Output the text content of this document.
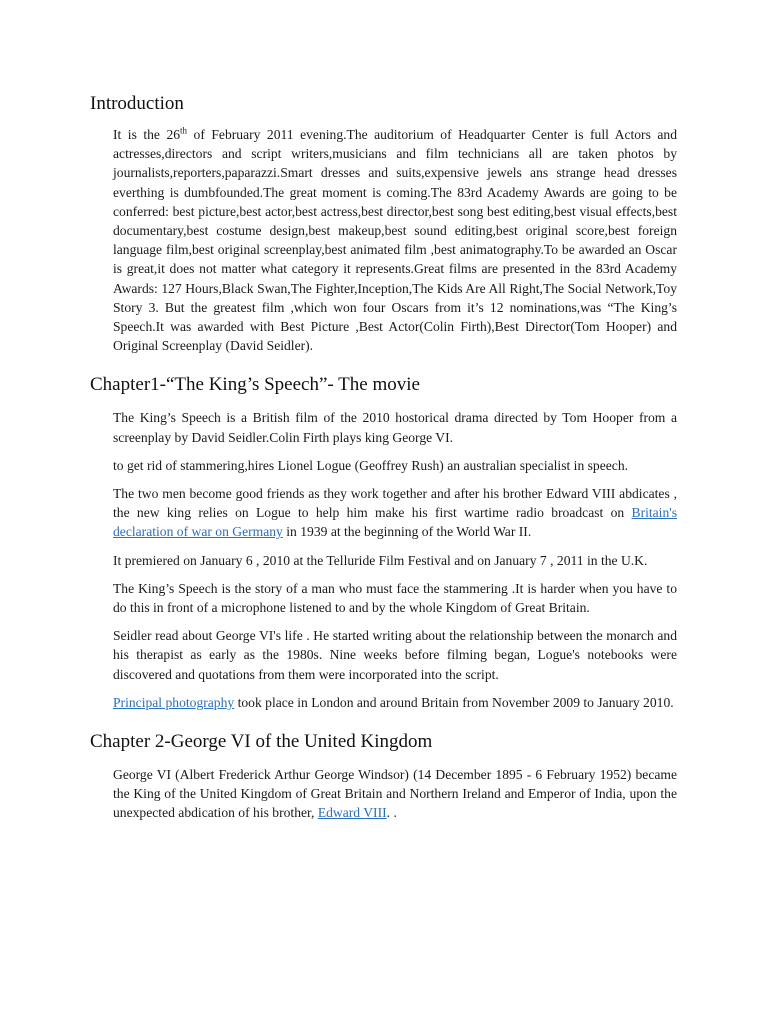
Introduction

It is the 26th of February 2011 evening.The auditorium of Headquarter Center is full Actors and actresses,directors and script writers,musicians and film technicians all are taken photos by journalists,reporters,paparazzi.Smart dresses and suits,expensive jewels ans strange head dresses everthing is dumbfounded.The great moment is coming.The 83rd Academy Awards are going to be conferred: best picture,best actor,best actress,best director,best song best editing,best visual effects,best documentary,best costume design,best makeup,best sound editing,best original score,best foreign language film,best original screenplay,best animated film ,best animatography.To be awarded an Oscar is great,it does not matter what category it represents.Great films are presented in the 83rd Academy Awards: 127 Hours,Black Swan,The Fighter,Inception,The Kids Are All Right,The Social Network,Toy Story 3. But the greatest film ,which won four Oscars from it’s 12 nominations,was “The King’s Speech.It was awarded with Best Picture ,Best Actor(Colin Firth),Best Director(Tom Hooper) and Original Screenplay (David Seidler).

Chapter1-“The King’s Speech”- The movie

The King’s Speech is a British film of the 2010 hostorical drama directed by Tom Hooper from a screenplay by David Seidler.Colin Firth plays king George VI.

to get rid of stammering,hires Lionel Logue (Geoffrey Rush) an australian specialist in speech.

The two men become good friends as they work together and after his brother Edward VIII abdicates , the new king relies on Logue to help him make his first wartime radio broadcast on Britain's declaration of war on Germany in 1939 at the beginning of the World War II.

It premiered on January 6 , 2010 at the Telluride Film Festival and on January 7 , 2011 in the U.K.

The King’s Speech is the story of a man who must face the stammering .It is harder when you have to do this in front of a microphone listened to and by the whole Kingdom of Great Britain.

Seidler read about George VI's life . He started writing about the relationship between the monarch and his therapist as early as the 1980s. Nine weeks before filming began, Logue's notebooks were discovered and quotations from them were incorporated into the script.

Principal photography took place in London and around Britain from November 2009 to January 2010.

Chapter 2-George VI of the United Kingdom

George VI (Albert Frederick Arthur George Windsor) (14 December 1895 - 6 February 1952) became the King of the United Kingdom of Great Britain and Northern Ireland and Emperor of India, upon the unexpected abdication of his brother, Edward VIII. .
